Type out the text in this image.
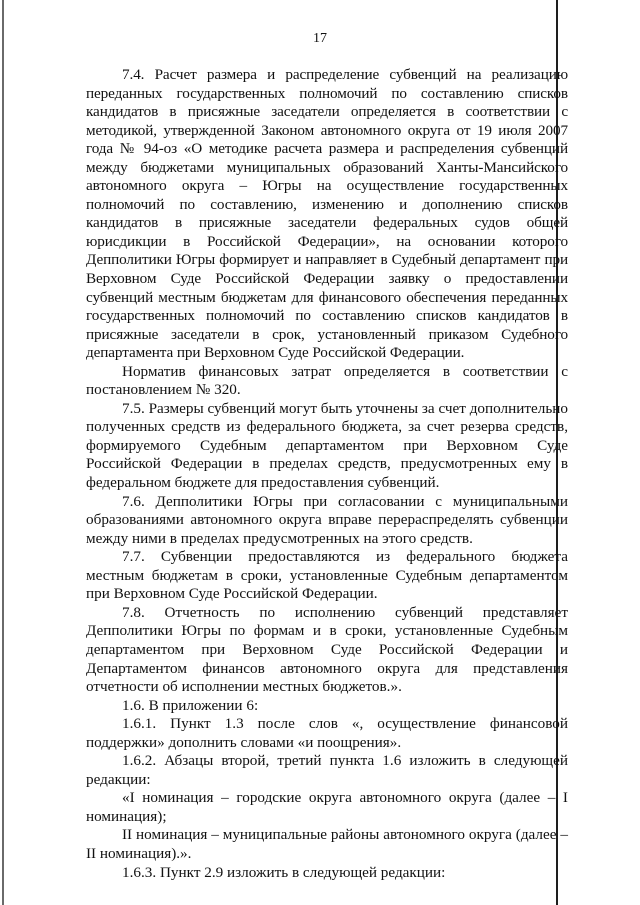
17

7.4. Расчет размера и распределение субвенций на реализацию переданных государственных полномочий по составлению списков кандидатов в присяжные заседатели определяется в соответствии с методикой, утвержденной Законом автономного округа от 19 июля 2007 года № 94-оз «О методике расчета размера и распределения субвенций между бюджетами муниципальных образований Ханты-Мансийского автономного округа – Югры на осуществление государственных полномочий по составлению, изменению и дополнению списков кандидатов в присяжные заседатели федеральных судов общей юрисдикции в Российской Федерации», на основании которого Депполитики Югры формирует и направляет в Судебный департамент при Верховном Суде Российской Федерации заявку о предоставлении субвенций местным бюджетам для финансового обеспечения переданных государственных полномочий по составлению списков кандидатов в присяжные заседатели в срок, установленный приказом Судебного департамента при Верховном Суде Российской Федерации.

Норматив финансовых затрат определяется в соответствии с постановлением № 320.

7.5. Размеры субвенций могут быть уточнены за счет дополнительно полученных средств из федерального бюджета, за счет резерва средств, формируемого Судебным департаментом при Верховном Суде Российской Федерации в пределах средств, предусмотренных ему в федеральном бюджете для предоставления субвенций.

7.6. Депполитики Югры при согласовании с муниципальными образованиями автономного округа вправе перераспределять субвенции между ними в пределах предусмотренных на этого средств.

7.7. Субвенции предоставляются из федерального бюджета местным бюджетам в сроки, установленные Судебным департаментом при Верховном Суде Российской Федерации.

7.8. Отчетность по исполнению субвенций представляет Депполитики Югры по формам и в сроки, установленные Судебным департаментом при Верховном Суде Российской Федерации и Департаментом финансов автономного округа для представления отчетности об исполнении местных бюджетов.».

1.6. В приложении 6:

1.6.1. Пункт 1.3 после слов «, осуществление финансовой поддержки» дополнить словами «и поощрения».

1.6.2. Абзацы второй, третий пункта 1.6 изложить в следующей редакции:

«I номинация – городские округа автономного округа (далее – I номинация);

II номинация – муниципальные районы автономного округа (далее – II номинация).».

1.6.3. Пункт 2.9 изложить в следующей редакции:
